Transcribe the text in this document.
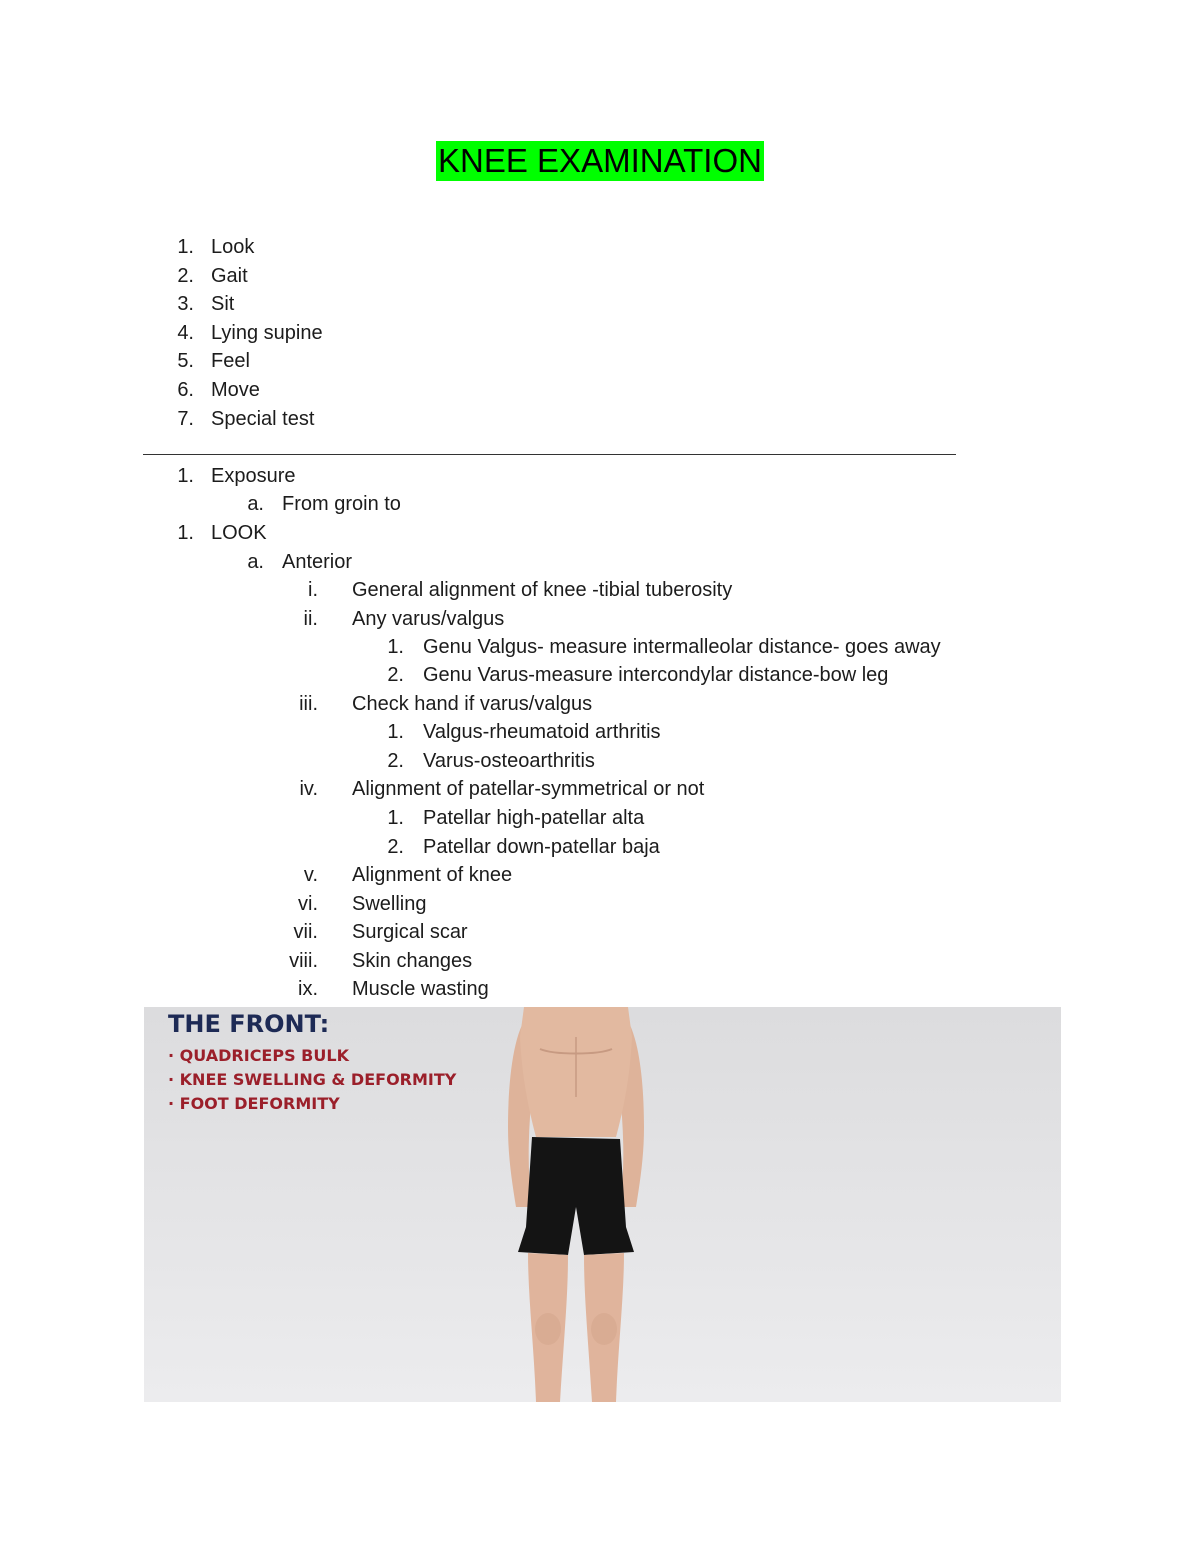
KNEE EXAMINATION
1. Look
2. Gait
3. Sit
4. Lying supine
5. Feel
6. Move
7. Special test
1. Exposure
a. From groin to
1. LOOK
a. Anterior
i. General alignment of knee -tibial tuberosity
ii. Any varus/valgus
1. Genu Valgus- measure intermalleolar distance- goes away
2. Genu Varus-measure intercondylar distance-bow leg
iii. Check hand if varus/valgus
1. Valgus-rheumatoid arthritis
2. Varus-osteoarthritis
iv. Alignment of patellar-symmetrical or not
1. Patellar high-patellar alta
2. Patellar down-patellar baja
v. Alignment of knee
vi. Swelling
vii. Surgical scar
viii. Skin changes
ix. Muscle wasting
THE FRONT:
· QUADRICEPS BULK
· KNEE SWELLING & DEFORMITY
· FOOT DEFORMITY
